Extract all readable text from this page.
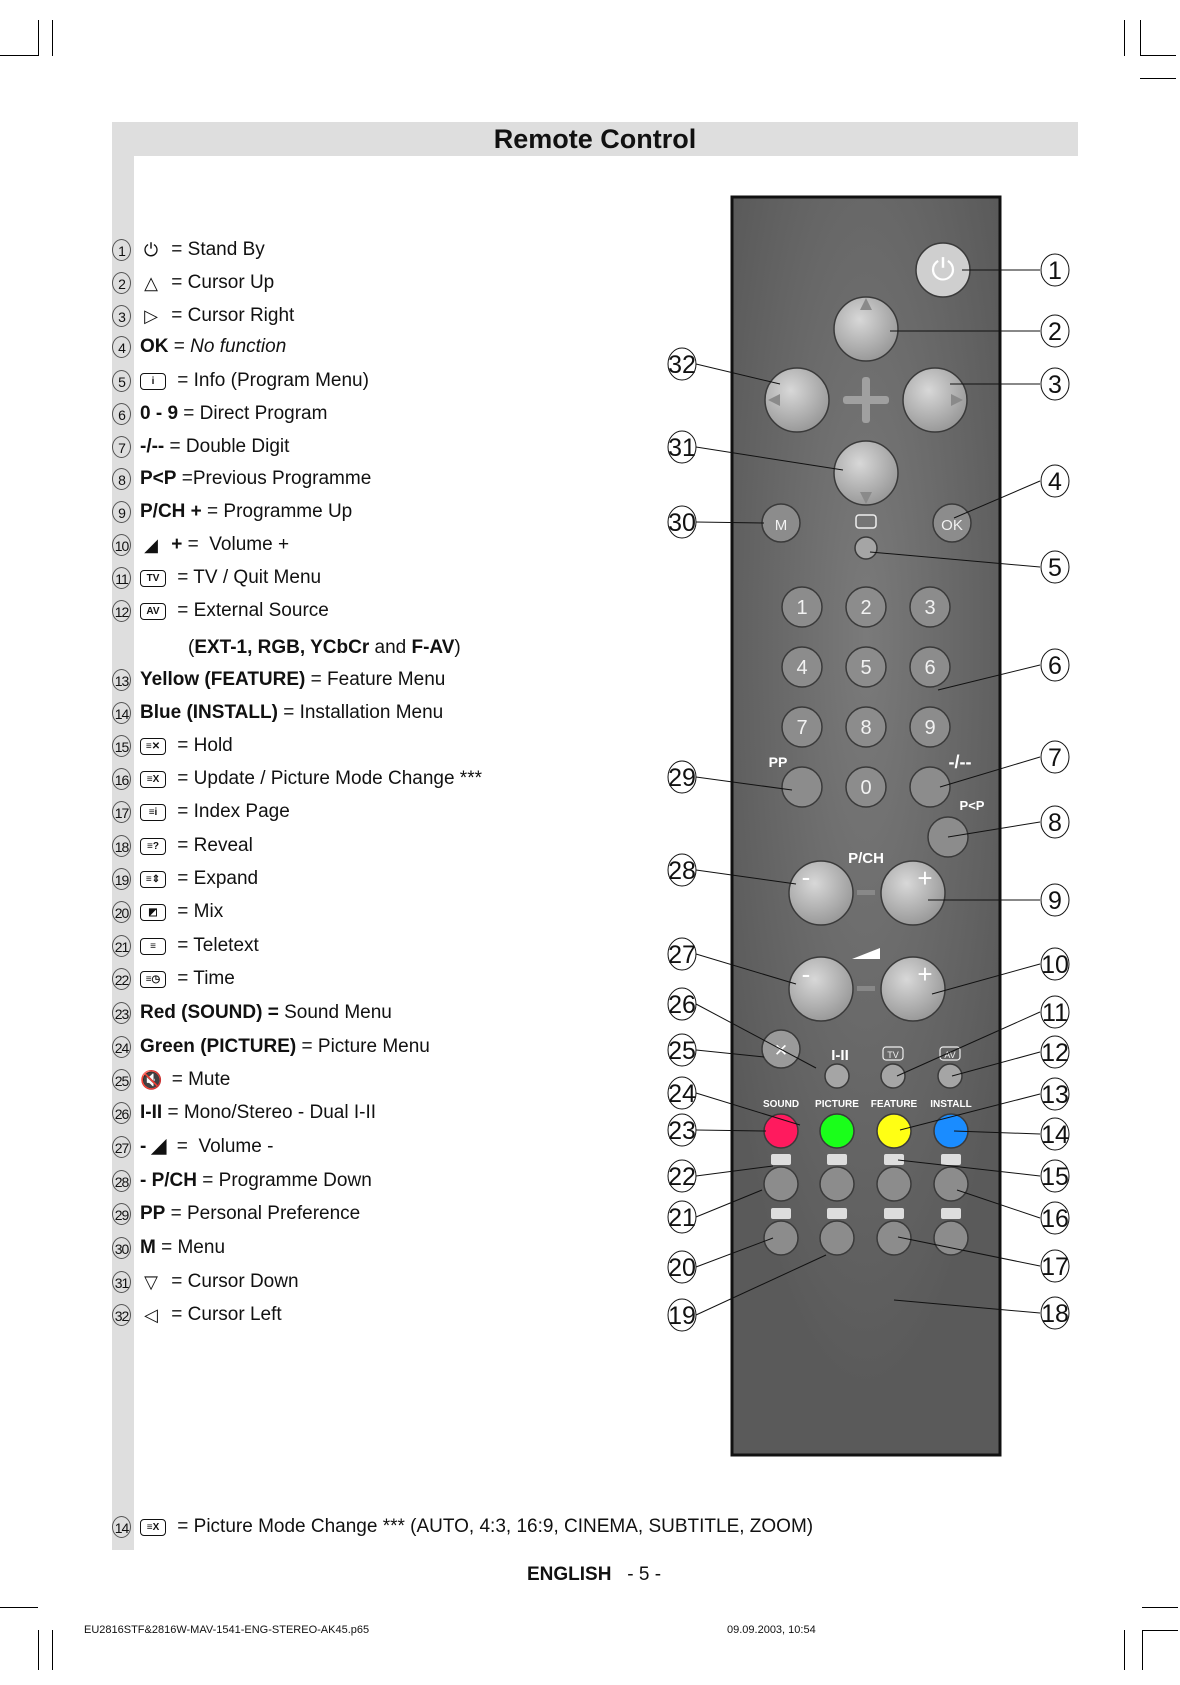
Remote Control
1	⏻ = Stand By
2	△ = Cursor Up
3	▷ = Cursor Right
4 OK = No function
5	i = Info (Program Menu)
6 0 - 9 = Direct Program
7 -/-- = Double Digit
8 P<P =Previous Programme
9 P/CH + = Programme Up
10 ◢ + =  Volume +
11	TV = TV / Quit Menu
12	AV = External Source
13 Yellow (FEATURE) = Feature Menu
14 Blue (INSTALL) = Installation Menu
15	≡✕ = Hold
16	≡X = Update / Picture Mode Change ***
17	≡i = Index Page
18	≡? = Reveal
19	≡⇕ = Expand
20	◩ = Mix
21	≡ = Teletext
22	≡◷ = Time
23 Red (SOUND) = Sound Menu
24 Green (PICTURE) = Picture Menu
25 🔇 = Mute
26 I-II = Mono/Stereo - Dual I-II
27 - ◢ =  Volume -
28 - P/CH = Programme Down
29 PP = Personal Preference
30 M = Menu
31 ▽ = Cursor Down
32 ◁ = Cursor Left
( EXT-1, RGB, YCbCr and F-AV )
⏻
M	OK
1	2	3
4	5	6
7	8	9
PP
0
-/--
P<P
P/CH
-	+
-	+
✕	I-II	TV	AV
SOUND PICTURE FEATURE INSTALL
1
2
3
4
5
6
7
8
9
10
11
12
13
14
15
16
17
18
32
31
30
29
28
27
26
25
24
23
22
21
20
19
14	≡X = Picture Mode Change *** (AUTO, 4:3, 16:9, CINEMA, SUBTITLE, ZOOM)
ENGLISH - 5 -
EU2816STF&2816W-MAV-1541-ENG-STEREO-AK45.p65	09.09.2003, 10:54
